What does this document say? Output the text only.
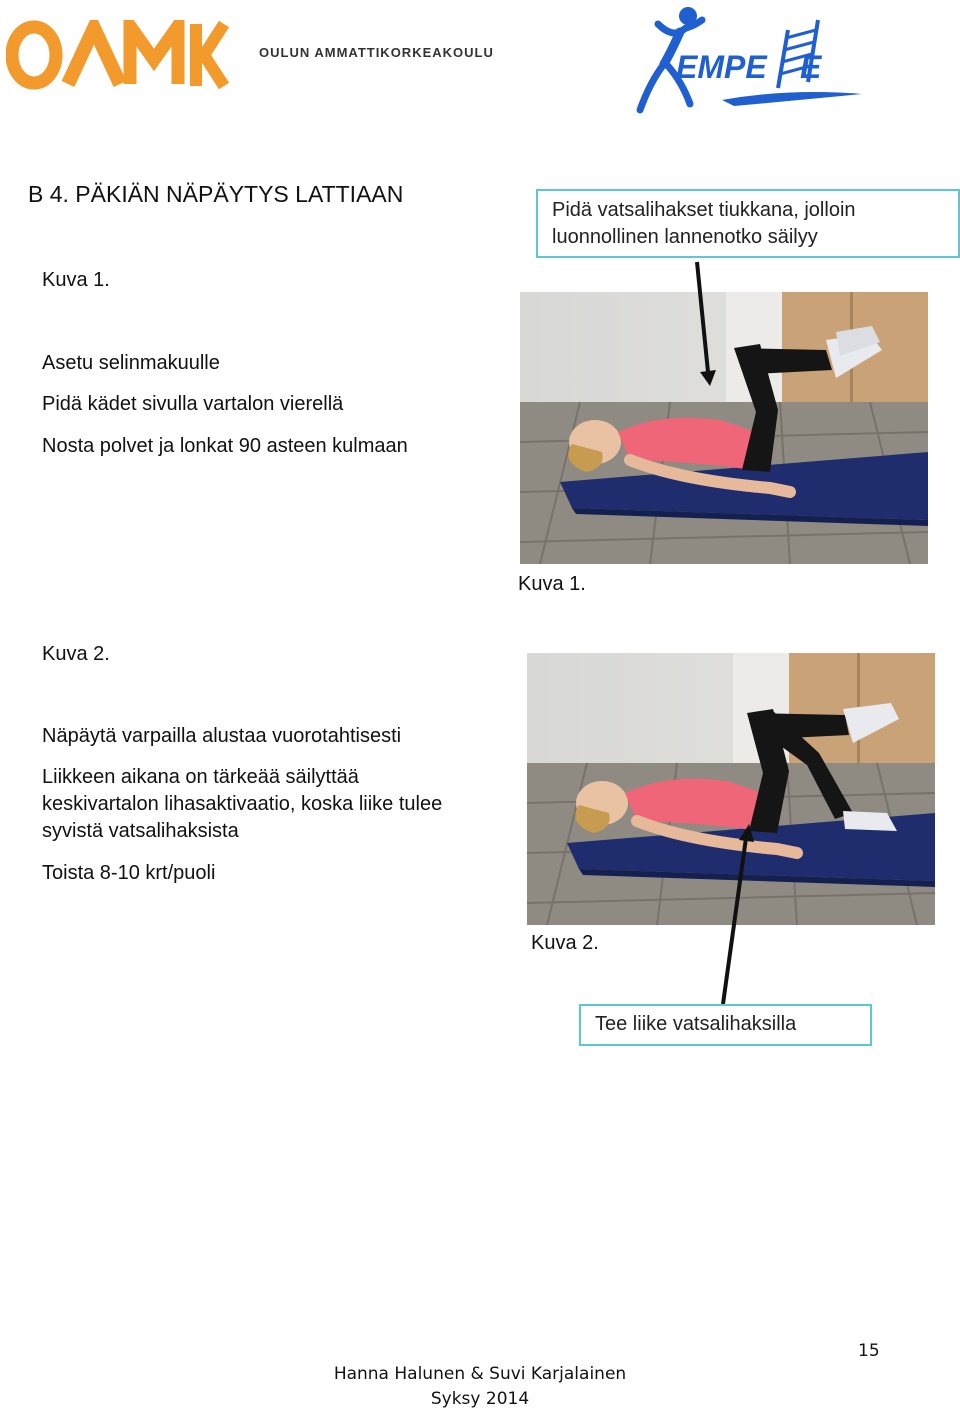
OULUN AMMATTIKORKEAKOULU	EMPE E
B 4. PÄKIÄN NÄPÄYTYS LATTIAAN
Kuva 1.
Asetu selinmakuulle
Pidä kädet sivulla vartalon vierellä
Nosta polvet ja lonkat 90 asteen kulmaan
Kuva 2.
Näpäytä varpailla alustaa vuorotahtisesti
Liikkeen aikana on tärkeää säilyttää
keskivartalon lihasaktivaatio, koska liike tulee
syvistä vatsalihaksista
Toista 8-10 krt/puoli
Pidä vatsalihakset tiukkana, jolloin
luonnollinen lannenotko säilyy
Kuva 1.
Kuva 2.
Tee liike vatsalihaksilla
15
Hanna Halunen & Suvi Karjalainen
Syksy 2014
